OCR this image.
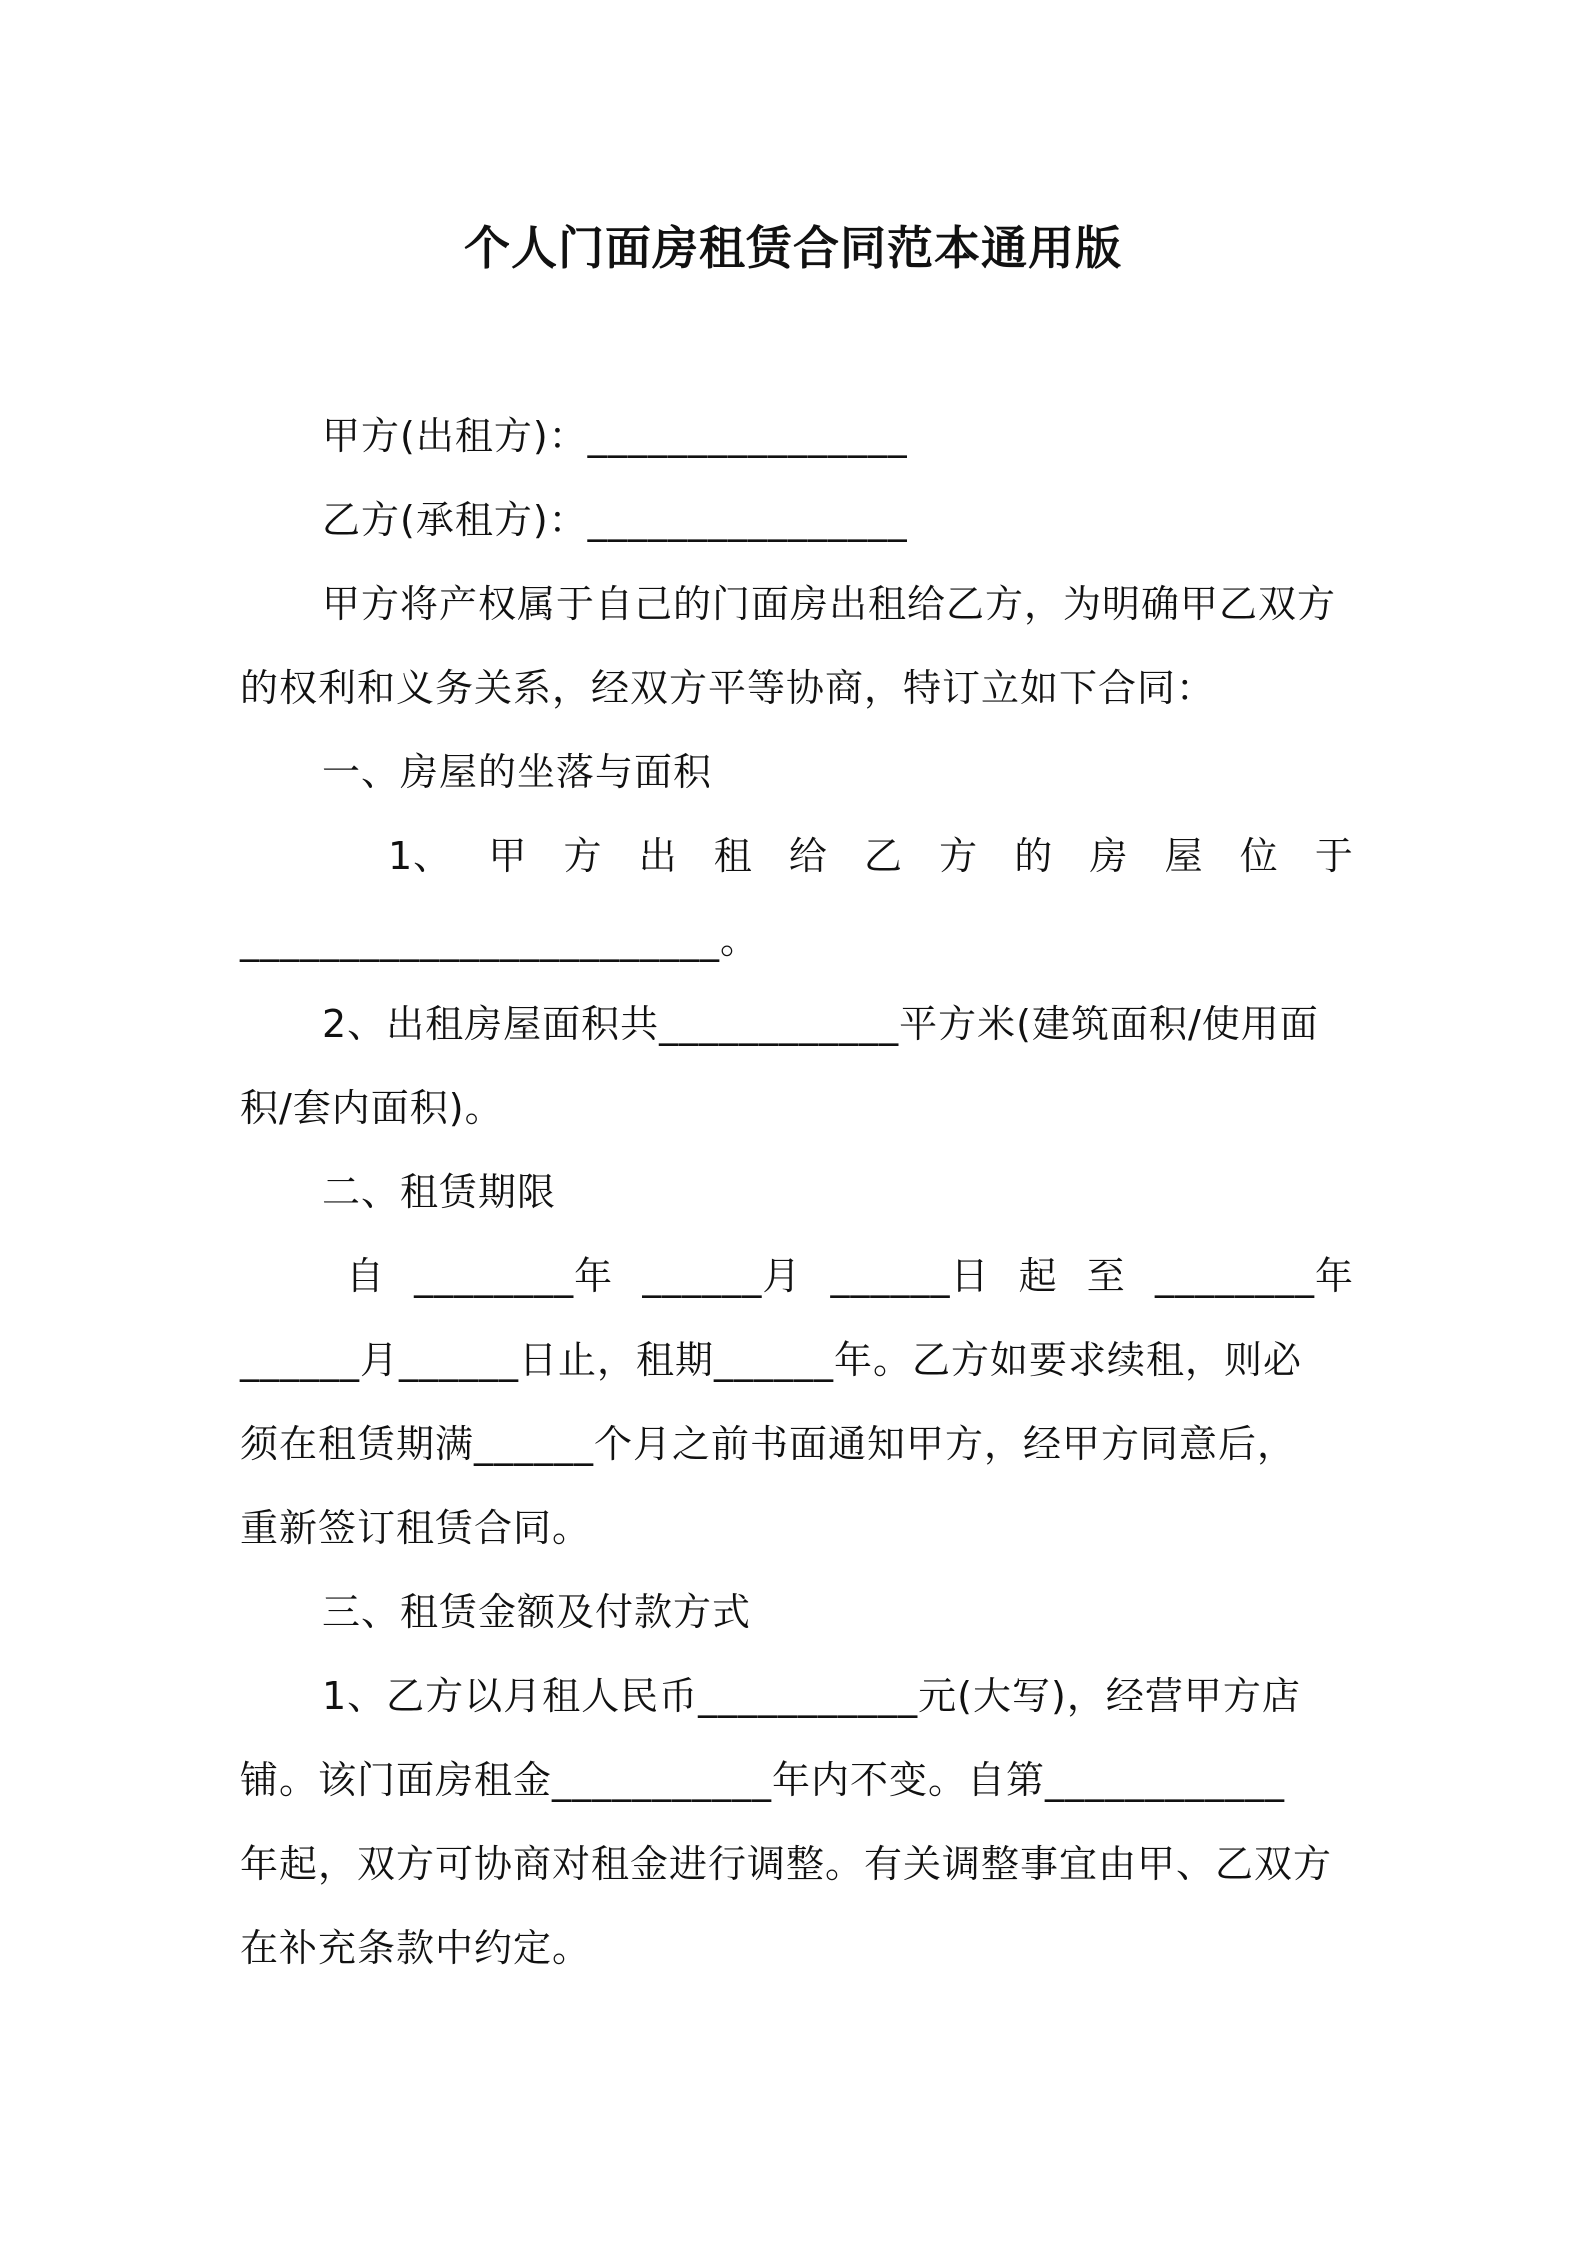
个人门面房租赁合同范本通用版
甲方(出租方)：________________
乙方(承租方)：________________
甲方将产权属于自己的门面房出租给乙方，为明确甲乙双方
的权利和义务关系，经双方平等协商，特订立如下合同：
一、房屋的坐落与面积
1、 甲 方 出 租 给 乙 方 的 房 屋 位 于
________________________。
2、出租房屋面积共____________平方米(建筑面积/使用面
积/套内面积)。
二、租赁期限
自 ________年 ______月 ______日 起 至 ________年
______月______日止，租期______年。乙方如要求续租，则必
须在租赁期满______个月之前书面通知甲方，经甲方同意后，
重新签订租赁合同。
三、租赁金额及付款方式
1、乙方以月租人民币___________元(大写)，经营甲方店
铺。该门面房租金___________年内不变。自第____________
年起，双方可协商对租金进行调整。有关调整事宜由甲、乙双方
在补充条款中约定。
